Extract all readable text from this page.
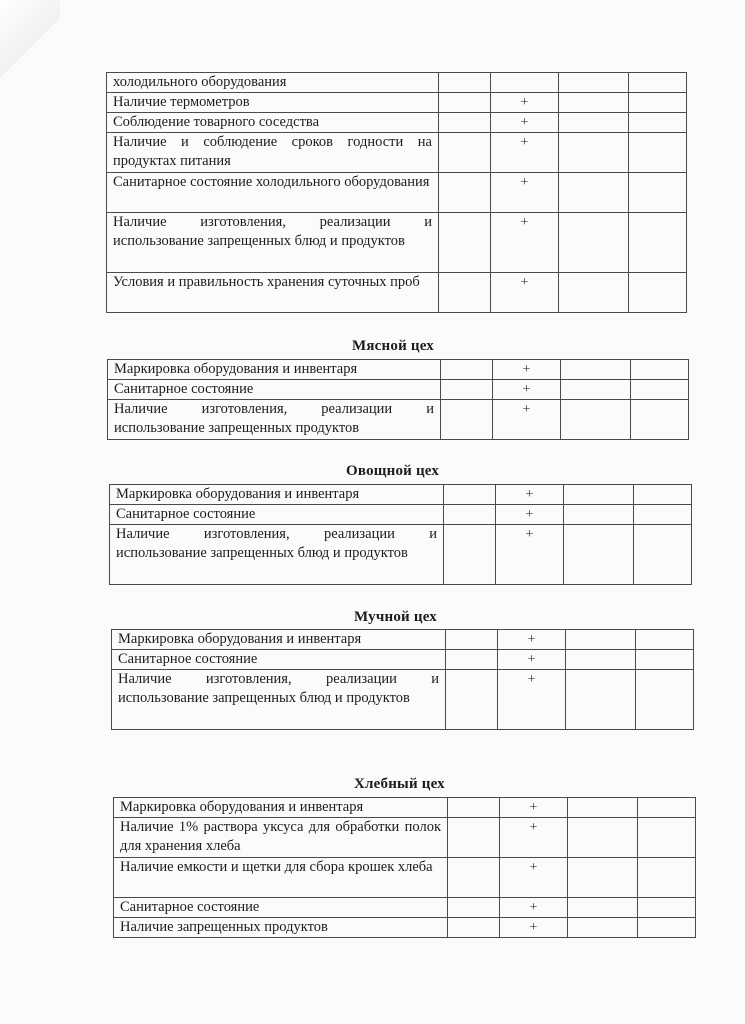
холодильного оборудования				
Наличие термометров		+		
Соблюдение товарного соседства		+		
Наличие и соблюдение сроков годности на продуктах питания		+		
Санитарное состояние холодильного оборудования		+		
Наличие изготовления, реализации и использование запрещенных блюд и продуктов		+		
Условия и правильность хранения суточных проб		+		
Мясной цех
Маркировка оборудования и инвентаря		+		
Санитарное состояние		+		
Наличие изготовления, реализации и использование запрещенных продуктов		+		
Овощной цех
Маркировка оборудования и инвентаря		+		
Санитарное состояние		+		
Наличие изготовления, реализации и использование запрещенных блюд и продуктов		+		
Мучной цех
Маркировка оборудования и инвентаря		+		
Санитарное состояние		+		
Наличие изготовления, реализации и использование запрещенных блюд и продуктов		+		
Хлебный цех
Маркировка оборудования и инвентаря		+		
Наличие 1% раствора уксуса для обработки полок для хранения хлеба		+		
Наличие емкости и щетки для сбора крошек хлеба		+		
Санитарное состояние		+		
Наличие запрещенных продуктов		+		
